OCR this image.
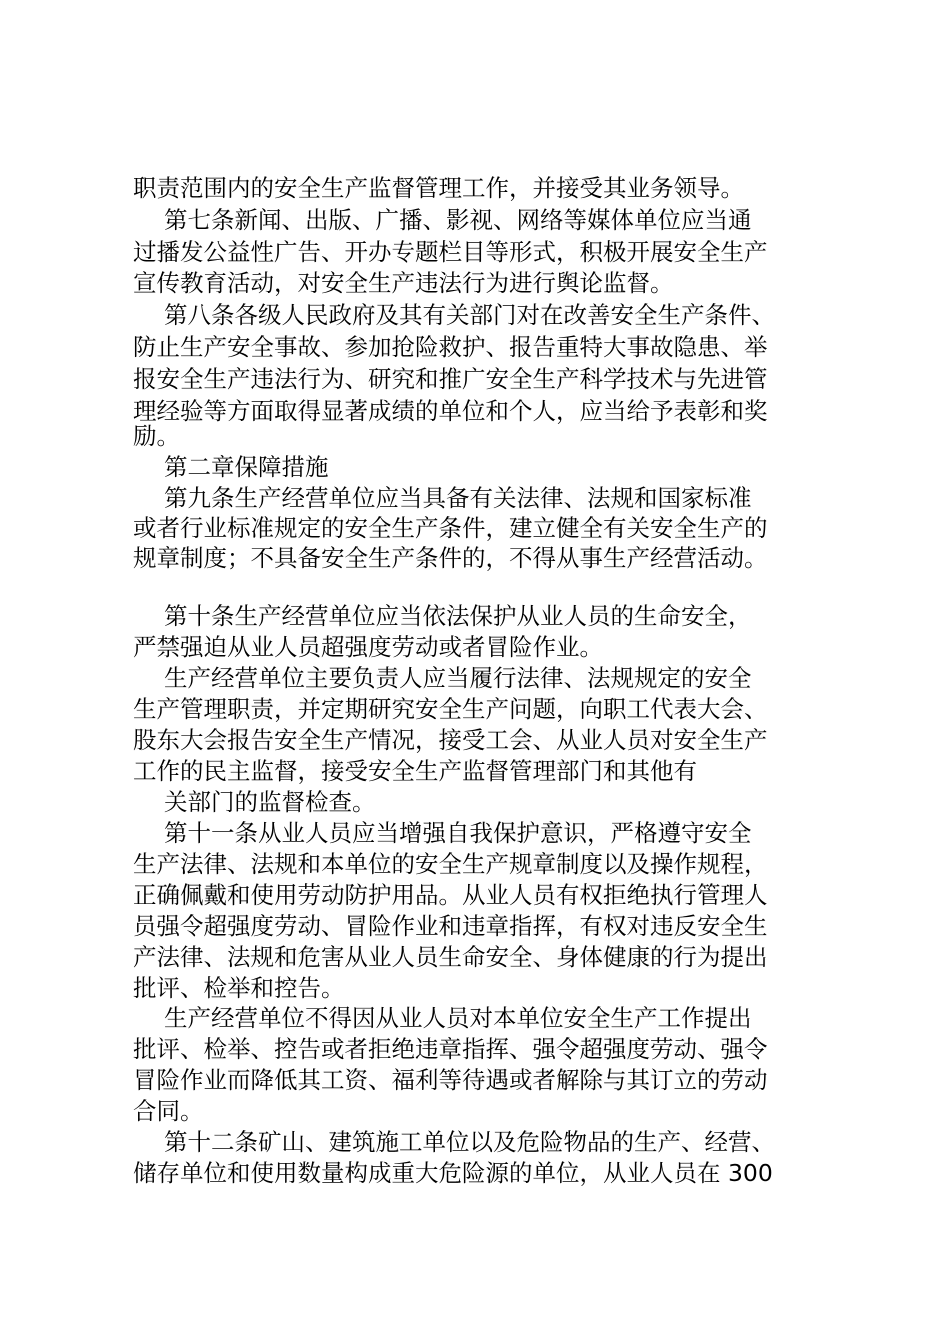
职责范围内的安全生产监督管理工作，并接受其业务领导。

第七条新闻、出版、广播、影视、网络等媒体单位应当通

过播发公益性广告、开办专题栏目等形式，积极开展安全生产

宣传教育活动，对安全生产违法行为进行舆论监督。

第八条各级人民政府及其有关部门对在改善安全生产条件、

防止生产安全事故、参加抢险救护、报告重特大事故隐患、举

报安全生产违法行为、研究和推广安全生产科学技术与先进管

理经验等方面取得显著成绩的单位和个人，应当给予表彰和奖

励。

第二章保障措施

第九条生产经营单位应当具备有关法律、法规和国家标准

或者行业标准规定的安全生产条件，建立健全有关安全生产的

规章制度；不具备安全生产条件的，不得从事生产经营活动。

第十条生产经营单位应当依法保护从业人员的生命安全，

严禁强迫从业人员超强度劳动或者冒险作业。

生产经营单位主要负责人应当履行法律、法规规定的安全

生产管理职责，并定期研究安全生产问题，向职工代表大会、

股东大会报告安全生产情况，接受工会、从业人员对安全生产

工作的民主监督，接受安全生产监督管理部门和其他有

关部门的监督检查。

第十一条从业人员应当增强自我保护意识，严格遵守安全

生产法律、法规和本单位的安全生产规章制度以及操作规程，

正确佩戴和使用劳动防护用品。从业人员有权拒绝执行管理人

员强令超强度劳动、冒险作业和违章指挥，有权对违反安全生

产法律、法规和危害从业人员生命安全、身体健康的行为提出

批评、检举和控告。

生产经营单位不得因从业人员对本单位安全生产工作提出

批评、检举、控告或者拒绝违章指挥、强令超强度劳动、强令

冒险作业而降低其工资、福利等待遇或者解除与其订立的劳动

合同。

第十二条矿山、建筑施工单位以及危险物品的生产、经营、

储存单位和使用数量构成重大危险源的单位，从业人员在 300
